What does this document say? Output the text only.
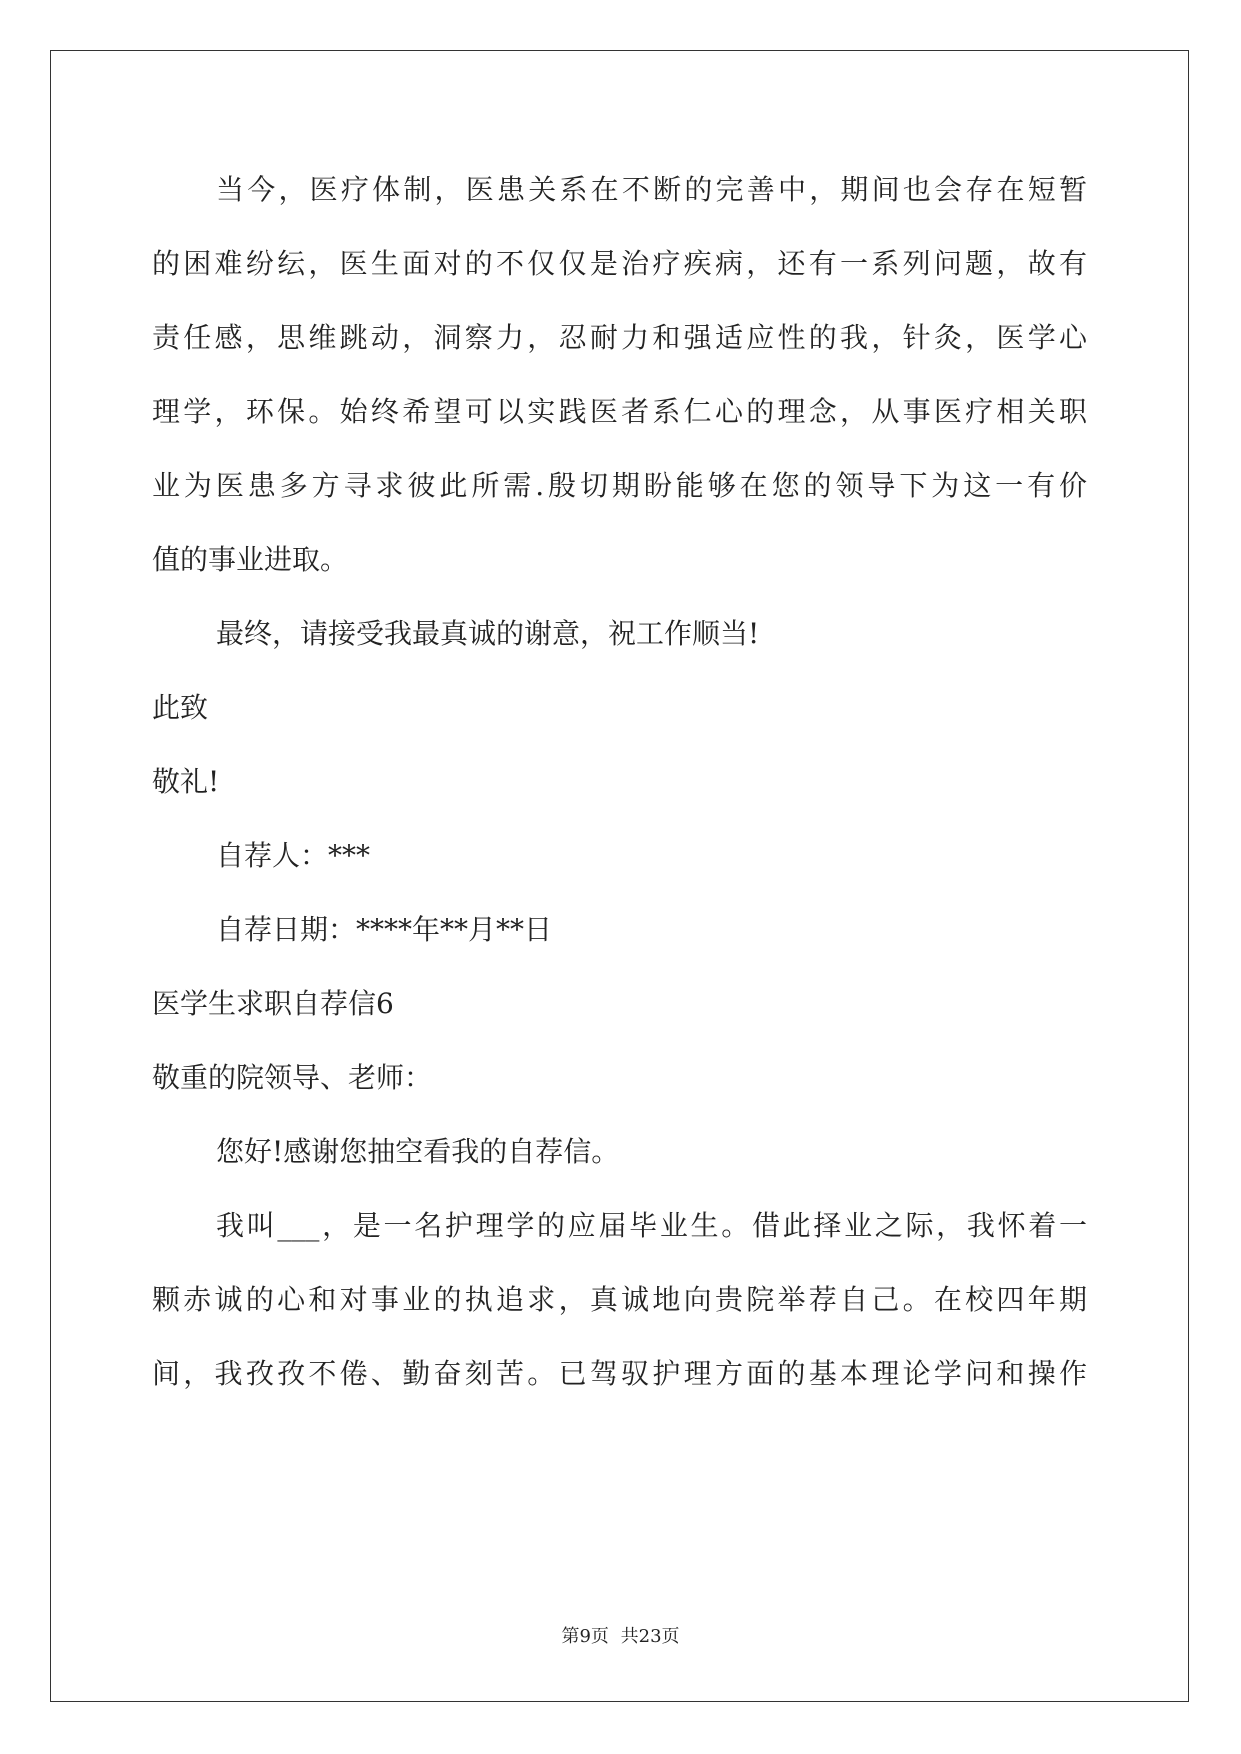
当今，医疗体制，医患关系在不断的完善中，期间也会存在短暂
的困难纷纭，医生面对的不仅仅是治疗疾病，还有一系列问题，故有
责任感，思维跳动，洞察力，忍耐力和强适应性的我，针灸，医学心
理学，环保。始终希望可以实践医者系仁心的理念，从事医疗相关职
业为医患多方寻求彼此所需.殷切期盼能够在您的领导下为这一有价
值的事业进取。
最终，请接受我最真诚的谢意，祝工作顺当!
此致
敬礼!
自荐人：***
自荐日期：****年**月**日
医学生求职自荐信6
敬重的院领导、老师：
您好!感谢您抽空看我的自荐信。
我叫___，是一名护理学的应届毕业生。借此择业之际，我怀着一
颗赤诚的心和对事业的执追求，真诚地向贵院举荐自己。在校四年期
间，我孜孜不倦、勤奋刻苦。已驾驭护理方面的基本理论学问和操作
第9页 共23页
